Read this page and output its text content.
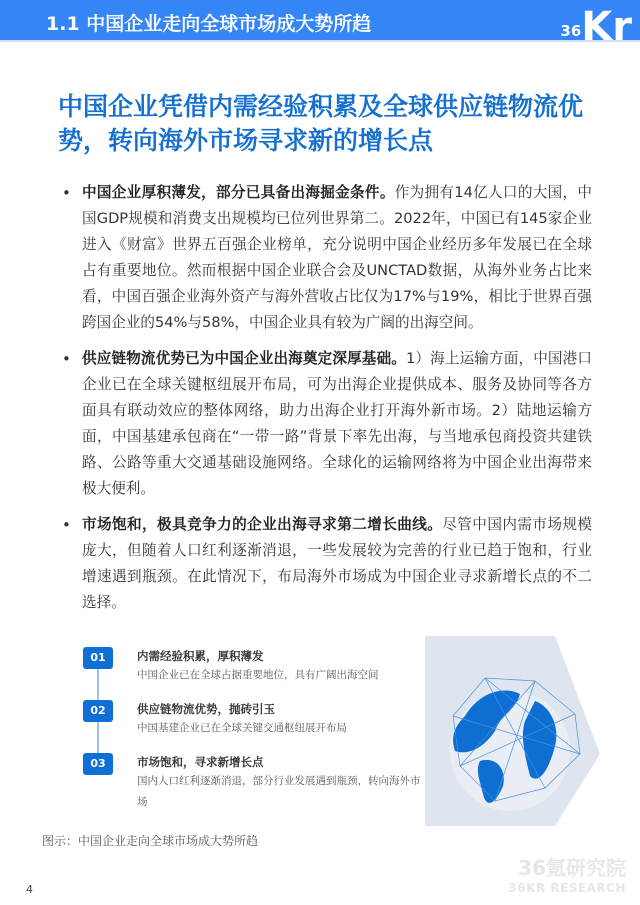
1.1 中国企业走向全球市场成大势所趋	36Kr
中国企业凭借内需经验积累及全球供应链物流优势，转向海外市场寻求新的增长点
• 中国企业厚积薄发，部分已具备出海掘金条件。作为拥有14亿人口的大国，中国GDP规模和消费支出规模均已位列世界第二。2022年，中国已有145家企业进入《财富》世界五百强企业榜单，充分说明中国企业经历多年发展已在全球占有重要地位。然而根据中国企业联合会及UNCTAD数据，从海外业务占比来看，中国百强企业海外资产与海外营收占比仅为17%与19%，相比于世界百强跨国企业的54%与58%，中国企业具有较为广阔的出海空间。
• 供应链物流优势已为中国企业出海奠定深厚基础。1）海上运输方面，中国港口企业已在全球关键枢纽展开布局，可为出海企业提供成本、服务及协同等各方面具有联动效应的整体网络，助力出海企业打开海外新市场。2）陆地运输方面，中国基建承包商在“一带一路”背景下率先出海，与当地承包商投资共建铁路、公路等重大交通基础设施网络。全球化的运输网络将为中国企业出海带来极大便利。
• 市场饱和，极具竞争力的企业出海寻求第二增长曲线。尽管中国内需市场规模庞大，但随着人口红利逐渐消退，一些发展较为完善的行业已趋于饱和，行业增速遇到瓶颈。在此情况下，布局海外市场成为中国企业寻求新增长点的不二选择。
01	内需经验积累，厚积薄发

中国企业已在全球占据重要地位，具有广阔出海空间

02	供应链物流优势，抛砖引玉

中国基建企业已在全球关键交通枢纽展开布局

03	市场饱和，寻求新增长点

国内人口红利逐渐消退，部分行业发展遇到瓶颈，转向海外市场

图示：中国企业走向全球市场成大势所趋
36氪研究院
36KR RESEARCH
4
